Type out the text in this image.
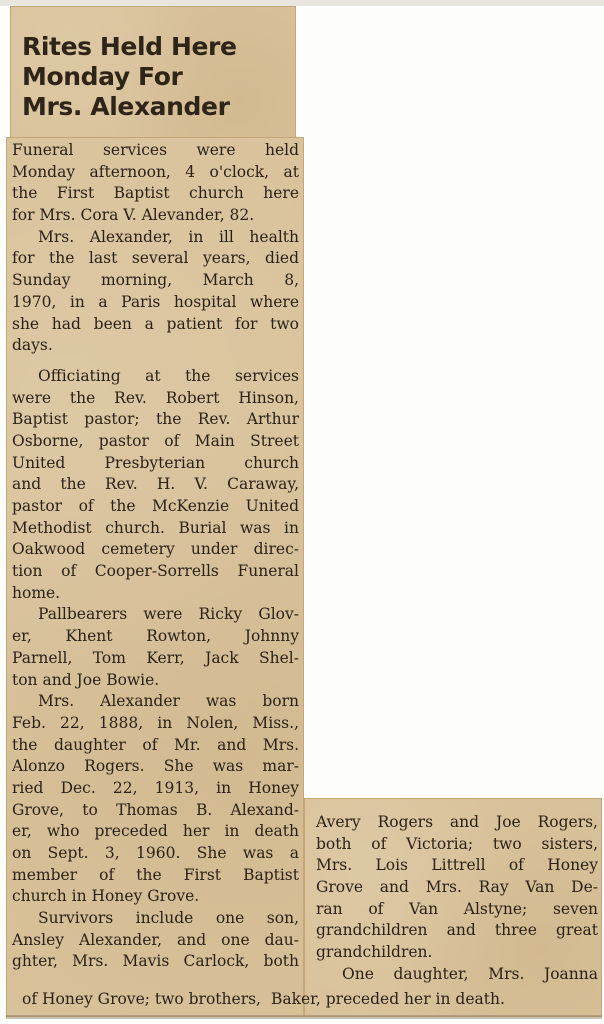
Rites Held Here
Monday For
Mrs. Alexander
Funeral services were held
Monday afternoon, 4 o'clock, at
the First Baptist church here
for Mrs. Cora V. Alevander, 82.
Mrs. Alexander, in ill health
for the last several years, died
Sunday morning, March 8,
1970, in a Paris hospital where
she had been a patient for two
days.
Officiating at the services
were the Rev. Robert Hinson,
Baptist pastor; the Rev. Arthur
Osborne, pastor of Main Street
United Presbyterian church
and the Rev. H. V. Caraway,
pastor of the McKenzie United
Methodist church. Burial was in
Oakwood cemetery under direc-
tion of Cooper-Sorrells Funeral
home.
Pallbearers were Ricky Glov-
er, Khent Rowton, Johnny
Parnell, Tom Kerr, Jack Shel-
ton and Joe Bowie.
Mrs. Alexander was born
Feb. 22, 1888, in Nolen, Miss.,
the daughter of Mr. and Mrs.
Alonzo Rogers. She was mar-
ried Dec. 22, 1913, in Honey
Grove, to Thomas B. Alexand-
er, who preceded her in death
on Sept. 3, 1960. She was a
member of the First Baptist
church in Honey Grove.
Survivors include one son,
Ansley Alexander, and one dau-
ghter, Mrs. Mavis Carlock, both
Avery Rogers and Joe Rogers,
both of Victoria; two sisters,
Mrs. Lois Littrell of Honey
Grove and Mrs. Ray Van De-
ran of Van Alstyne; seven
grandchildren and three great
grandchildren.
One daughter, Mrs. Joanna
of Honey Grove; two brothers, Baker, preceded her in death.
